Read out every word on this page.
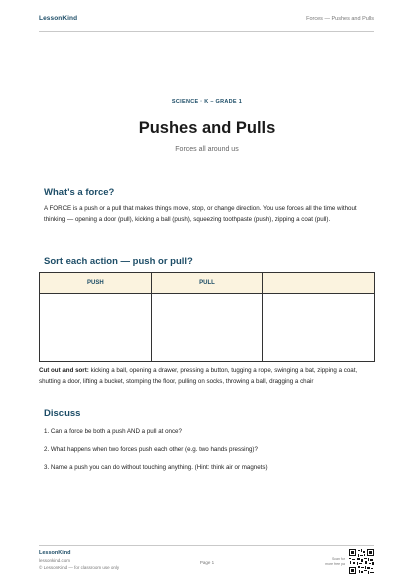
LessonKind	Forces — Pushes and Pulls
SCIENCE · K – GRADE 1
Pushes and Pulls
Forces all around us
What's a force?
A FORCE is a push or a pull that makes things move, stop, or change direction. You use forces all the time without thinking — opening a door (pull), kicking a ball (push), squeezing toothpaste (push), zipping a coat (pull).
Sort each action — push or pull?
PUSH	PULL
Cut out and sort: kicking a ball, opening a drawer, pressing a button, tugging a rope, swinging a bat, zipping a coat, shutting a door, lifting a bucket, stomping the floor, pulling on socks, throwing a ball, dragging a chair
Discuss
1. Can a force be both a push AND a pull at once?
2. What happens when two forces push each other (e.g. two hands pressing)?
3. Name a push you can do without touching anything. (Hint: think air or magnets)
LessonKind
lessonkind.com
© LessonKind — for classroom use only
Page 1
Scan for
more free pa
